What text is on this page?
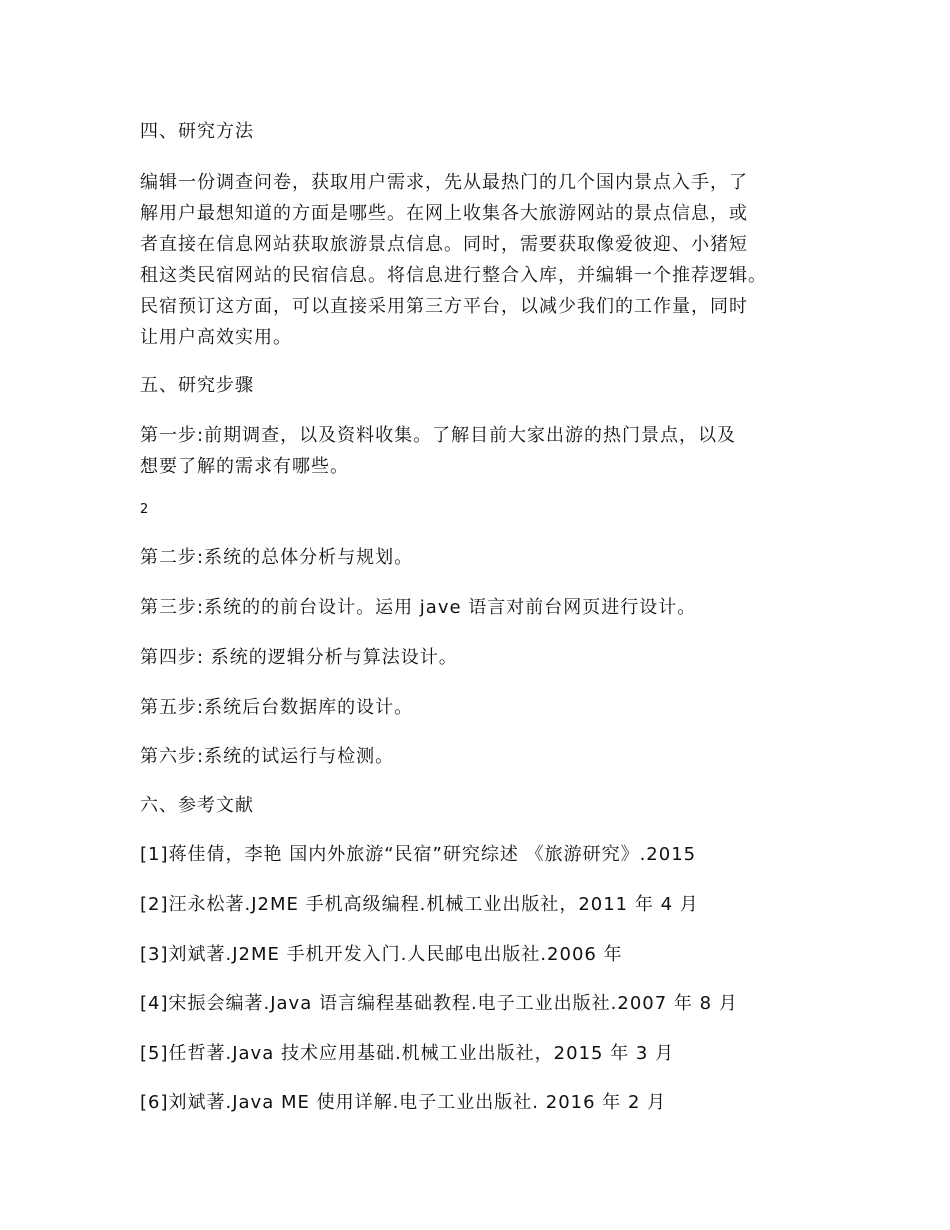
四、研究方法

编辑一份调查问卷，获取用户需求，先从最热门的几个国内景点入手，了

解用户最想知道的方面是哪些。在网上收集各大旅游网站的景点信息，或

者直接在信息网站获取旅游景点信息。同时，需要获取像爱彼迎、小猪短

租这类民宿网站的民宿信息。将信息进行整合入库，并编辑一个推荐逻辑。

民宿预订这方面，可以直接采用第三方平台，以减少我们的工作量，同时

让用户高效实用。

五、研究步骤

第一步:前期调查，以及资料收集。了解目前大家出游的热门景点，以及

想要了解的需求有哪些。

2
第二步:系统的总体分析与规划。
第三步:系统的的前台设计。运用 jave 语言对前台网页进行设计。
第四步: 系统的逻辑分析与算法设计。
第五步:系统后台数据库的设计。
第六步:系统的试运行与检测。
六、参考文献
[1]蒋佳倩，李艳 国内外旅游“民宿”研究综述 《旅游研究》.2015
[2]汪永松著.J2ME 手机高级编程.机械工业出版社，2011 年 4 月
[3]刘斌著.J2ME 手机开发入门.人民邮电出版社.2006 年
[4]宋振会编著.Java 语言编程基础教程.电子工业出版社.2007 年 8 月
[5]任哲著.Java 技术应用基础.机械工业出版社，2015 年 3 月
[6]刘斌著.Java ME 使用详解.电子工业出版社. 2016 年 2 月
